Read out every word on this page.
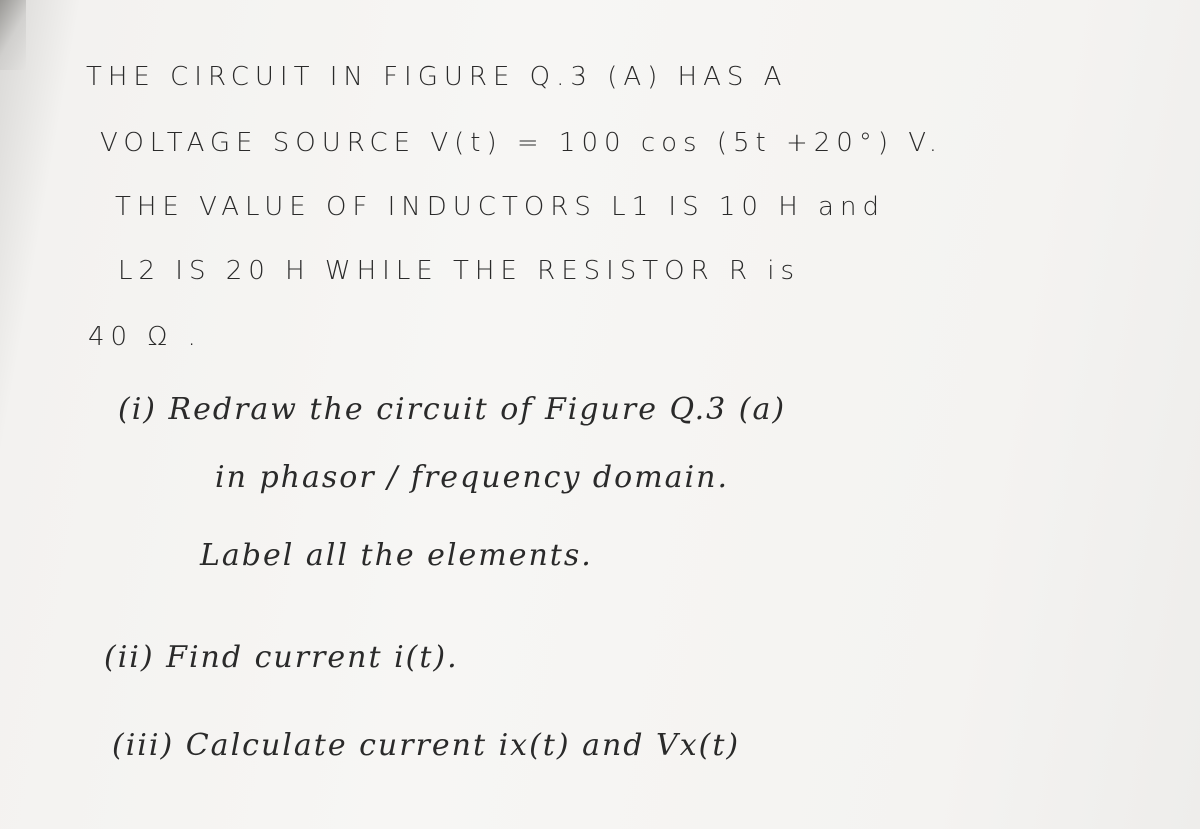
THE CIRCUIT IN FIGURE Q.3 (A) HAS A
VOLTAGE SOURCE V(t) = 100 cos (5t +20°) V.
THE VALUE OF INDUCTORS L1 IS 10 H and
L2 IS 20 H WHILE THE RESISTOR R is
40 Ω .
(i) Redraw the circuit of Figure Q.3 (a)
in phasor / frequency domain.
Label all the elements.
(ii) Find current i(t).
(iii) Calculate current ix(t) and Vx(t)
